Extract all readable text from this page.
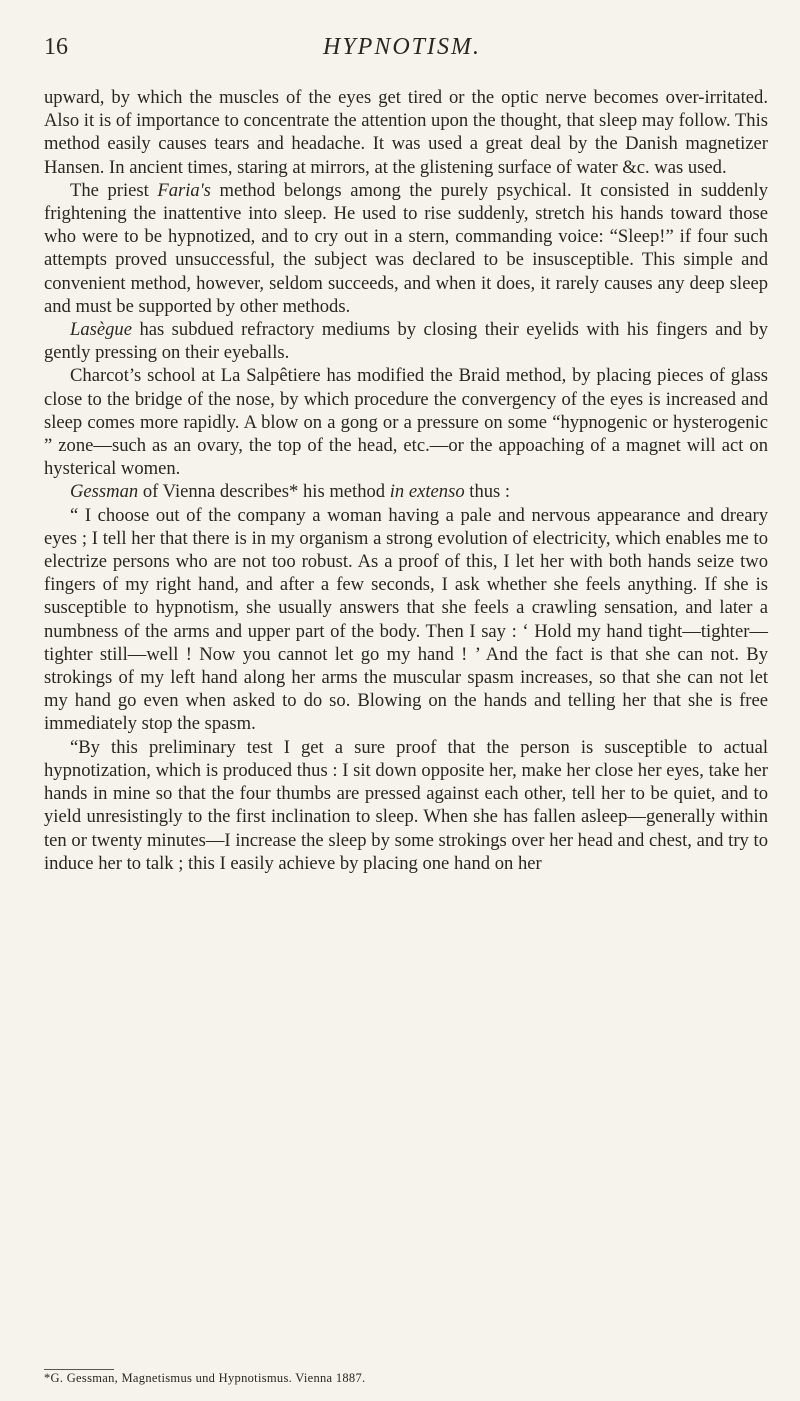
16	HYPNOTISM.

upward, by which the muscles of the eyes get tired or the optic nerve becomes over-irritated. Also it is of importance to concentrate the attention upon the thought, that sleep may follow. This method easily causes tears and headache. It was used a great deal by the Danish magnetizer Hansen. In ancient times, staring at mirrors, at the glistening surface of water &c. was used.

The priest Faria's method belongs among the purely psychical. It consisted in suddenly frightening the inattentive into sleep. He used to rise suddenly, stretch his hands toward those who were to be hypnotized, and to cry out in a stern, commanding voice: “Sleep!” if four such attempts proved unsuccessful, the subject was declared to be insusceptible. This simple and convenient method, however, seldom succeeds, and when it does, it rarely causes any deep sleep and must be supported by other methods.

Lasègue has subdued refractory mediums by closing their eyelids with his fingers and by gently pressing on their eyeballs.

Charcot’s school at La Salpêtiere has modified the Braid method, by placing pieces of glass close to the bridge of the nose, by which procedure the convergency of the eyes is increased and sleep comes more rapidly. A blow on a gong or a pressure on some “hypnogenic or hysterogenic ” zone—such as an ovary, the top of the head, etc.—or the appoaching of a magnet will act on hysterical women.

Gessman of Vienna describes* his method in extenso thus :

“ I choose out of the company a woman having a pale and nervous appearance and dreary eyes ; I tell her that there is in my organism a strong evolution of electricity, which enables me to electrize persons who are not too robust. As a proof of this, I let her with both hands seize two fingers of my right hand, and after a few seconds, I ask whether she feels anything. If she is susceptible to hypnotism, she usually answers that she feels a crawling sensation, and later a numbness of the arms and upper part of the body. Then I say : ‘ Hold my hand tight—tighter—tighter still—well ! Now you cannot let go my hand ! ’ And the fact is that she can not. By strokings of my left hand along her arms the muscular spasm increases, so that she can not let my hand go even when asked to do so. Blowing on the hands and telling her that she is free immediately stop the spasm.

“By this preliminary test I get a sure proof that the person is susceptible to actual hypnotization, which is produced thus : I sit down opposite her, make her close her eyes, take her hands in mine so that the four thumbs are pressed against each other, tell her to be quiet, and to yield unresistingly to the first inclination to sleep. When she has fallen asleep—generally within ten or twenty minutes—I increase the sleep by some strokings over her head and chest, and try to induce her to talk ; this I easily achieve by placing one hand on her

*G. Gessman, Magnetismus und Hypnotismus. Vienna 1887.
